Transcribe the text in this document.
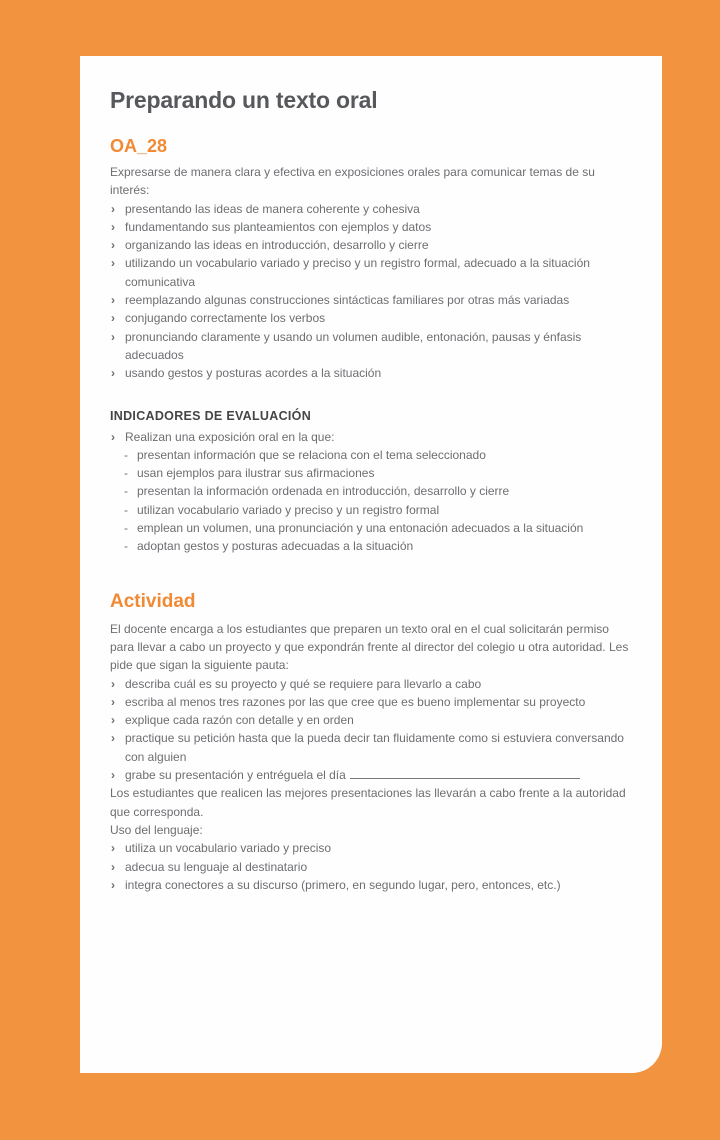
Preparando un texto oral
OA_28

Expresarse de manera clara y efectiva en exposiciones orales para comunicar temas de su interés:

› presentando las ideas de manera coherente y cohesiva
› fundamentando sus planteamientos con ejemplos y datos
› organizando las ideas en introducción, desarrollo y cierre
› utilizando un vocabulario variado y preciso y un registro formal, adecuado a la situación comunicativa
› reemplazando algunas construcciones sintácticas familiares por otras más variadas
› conjugando correctamente los verbos
› pronunciando claramente y usando un volumen audible, entonación, pausas y énfasis adecuados
› usando gestos y posturas acordes a la situación
INDICADORES DE EVALUACIÓN
› Realizan una exposición oral en la que:
- presentan información que se relaciona con el tema seleccionado
- usan ejemplos para ilustrar sus afirmaciones
- presentan la información ordenada en introducción, desarrollo y cierre
- utilizan vocabulario variado y preciso y un registro formal
- emplean un volumen, una pronunciación y una entonación adecuados a la situación
- adoptan gestos y posturas adecuadas a la situación
Actividad

El docente encarga a los estudiantes que preparen un texto oral en el cual solicitarán permiso para llevar a cabo un proyecto y que expondrán frente al director del colegio u otra autoridad. Les pide que sigan la siguiente pauta:

› describa cuál es su proyecto y qué se requiere para llevarlo a cabo
› escriba al menos tres razones por las que cree que es bueno implementar su proyecto
› explique cada razón con detalle y en orden
› practique su petición hasta que la pueda decir tan fluidamente como si estuviera conversando con alguien
› grabe su presentación y entréguela el día

Los estudiantes que realicen las mejores presentaciones las llevarán a cabo frente a la autoridad que corresponda.

Uso del lenguaje:

› utiliza un vocabulario variado y preciso
› adecua su lenguaje al destinatario
› integra conectores a su discurso (primero, en segundo lugar, pero, entonces, etc.)
